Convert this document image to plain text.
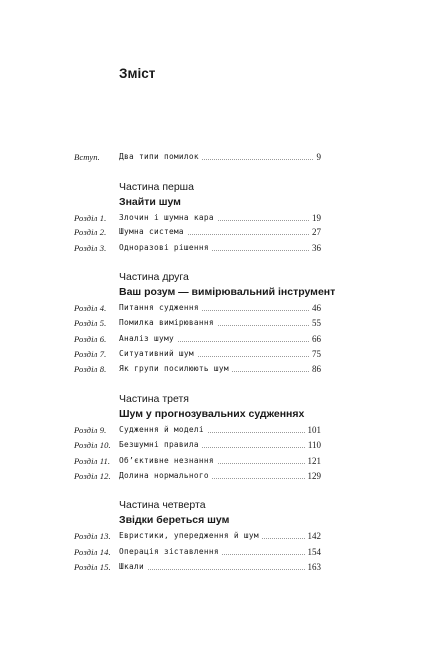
Зміст
Вступ. Два типи помилок	9
Частина перша
Знайти шум
Розділ 1. Злочин і шумна кара	19
Розділ 2. Шумна система	27
Розділ 3. Одноразові рішення	36
Частина друга
Ваш розум — вимірювальний інструмент
Розділ 4. Питання судження	46
Розділ 5. Помилка вимірювання	55
Розділ 6. Аналіз шуму	66
Розділ 7. Ситуативний шум	75
Розділ 8. Як групи посилюють шум	86
Частина третя
Шум у прогнозувальних судженнях
Розділ 9. Судження й моделі	101
Розділ 10. Безшумні правила	110
Розділ 11. Об’єктивне незнання	121
Розділ 12. Долина нормального	129
Частина четверта
Звідки береться шум
Розділ 13. Евристики, упередження й шум	142
Розділ 14. Операція зіставлення	154
Розділ 15. Шкали	163
